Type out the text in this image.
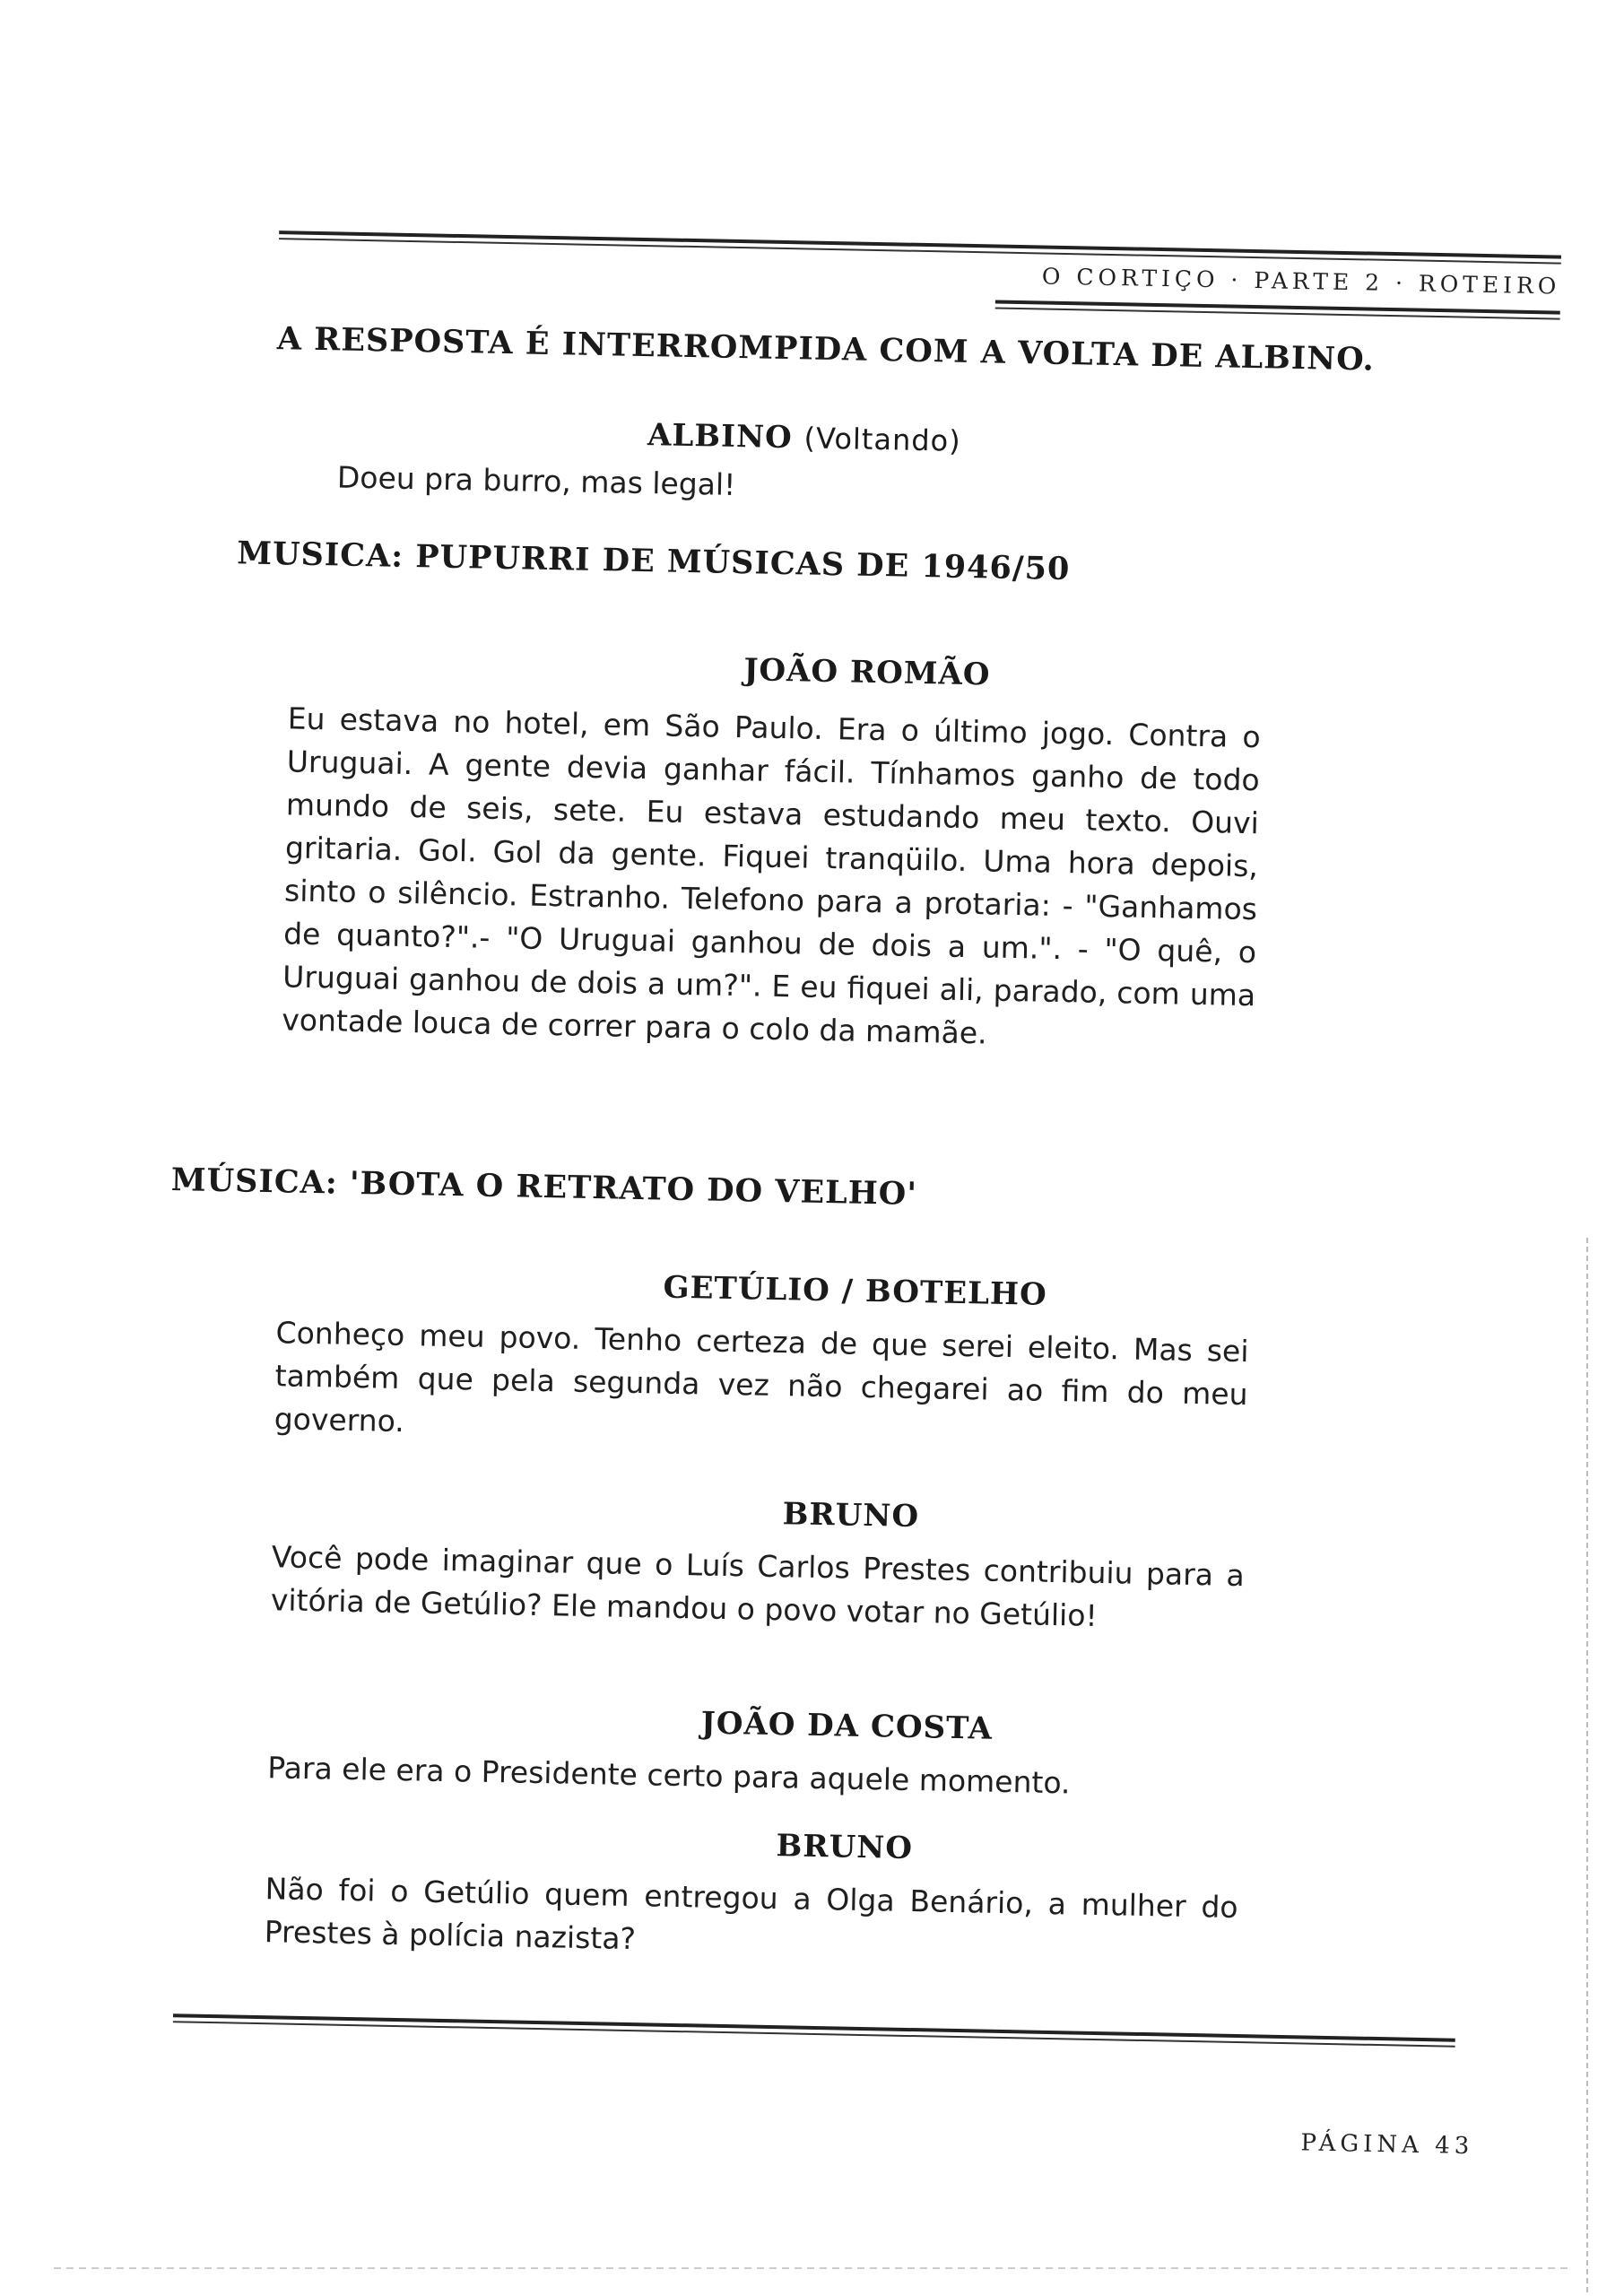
O CORTIÇO · PARTE 2 · ROTEIRO
A RESPOSTA É INTERROMPIDA COM A VOLTA DE ALBINO.
ALBINO (Voltando)
Doeu pra burro, mas legal!
MUSICA: PUPURRI DE MÚSICAS DE 1946/50
JOÃO ROMÃO
Eu estava no hotel, em São Paulo. Era o último jogo. Contra o Uruguai. A gente devia ganhar fácil. Tínhamos ganho de todo mundo de seis, sete. Eu estava estudando meu texto. Ouvi gritaria. Gol. Gol da gente. Fiquei tranqüilo. Uma hora depois, sinto o silêncio. Estranho. Telefono para a protaria: - "Ganhamos de quanto?".- "O Uruguai ganhou de dois a um.". - "O quê, o Uruguai ganhou de dois a um?". E eu fiquei ali, parado, com uma vontade louca de correr para o colo da mamãe.
MÚSICA: 'BOTA O RETRATO DO VELHO'
GETÚLIO / BOTELHO
Conheço meu povo. Tenho certeza de que serei eleito. Mas sei também que pela segunda vez não chegarei ao fim do meu governo.
BRUNO
Você pode imaginar que o Luís Carlos Prestes contribuiu para a vitória de Getúlio? Ele mandou o povo votar no Getúlio!
JOÃO DA COSTA
Para ele era o Presidente certo para aquele momento.
BRUNO
Não foi o Getúlio quem entregou a Olga Benário, a mulher do Prestes à polícia nazista?
PÁGINA 43
